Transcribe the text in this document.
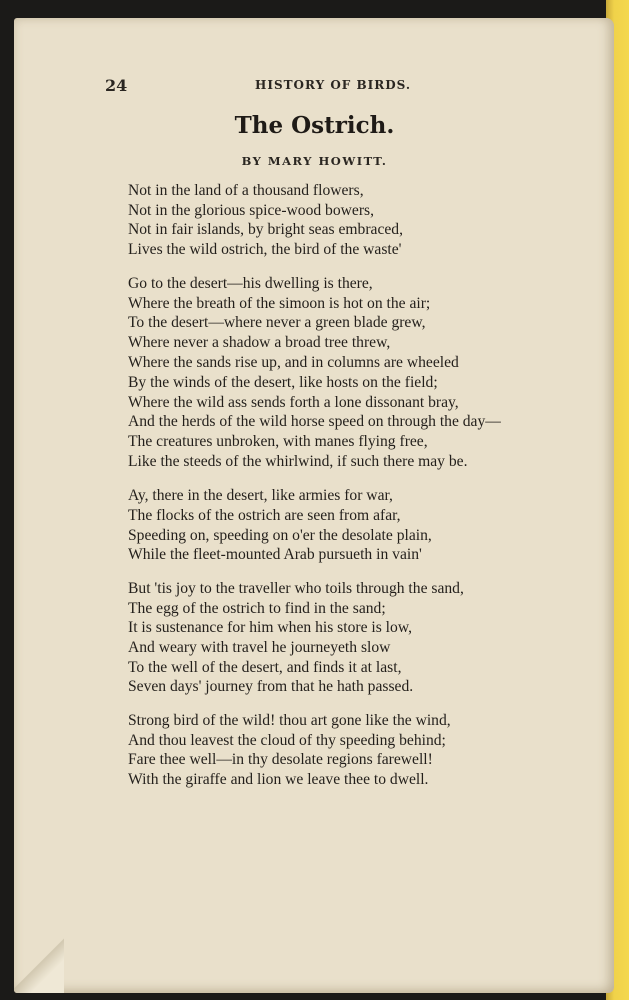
24	HISTORY OF BIRDS.
The Ostrich.
BY MARY HOWITT.
Not in the land of a thousand flowers,
Not in the glorious spice-wood bowers,
Not in fair islands, by bright seas embraced,
Lives the wild ostrich, the bird of the waste'
Go to the desert—his dwelling is there,
Where the breath of the simoon is hot on the air;
To the desert—where never a green blade grew,
Where never a shadow a broad tree threw,
Where the sands rise up, and in columns are wheeled
By the winds of the desert, like hosts on the field;
Where the wild ass sends forth a lone dissonant bray,
And the herds of the wild horse speed on through the day—
The creatures unbroken, with manes flying free,
Like the steeds of the whirlwind, if such there may be.
Ay, there in the desert, like armies for war,
The flocks of the ostrich are seen from afar,
Speeding on, speeding on o'er the desolate plain,
While the fleet-mounted Arab pursueth in vain'
But 'tis joy to the traveller who toils through the sand,
The egg of the ostrich to find in the sand;
It is sustenance for him when his store is low,
And weary with travel he journeyeth slow
To the well of the desert, and finds it at last,
Seven days' journey from that he hath passed.
Strong bird of the wild! thou art gone like the wind,
And thou leavest the cloud of thy speeding behind;
Fare thee well—in thy desolate regions farewell!
With the giraffe and lion we leave thee to dwell.
